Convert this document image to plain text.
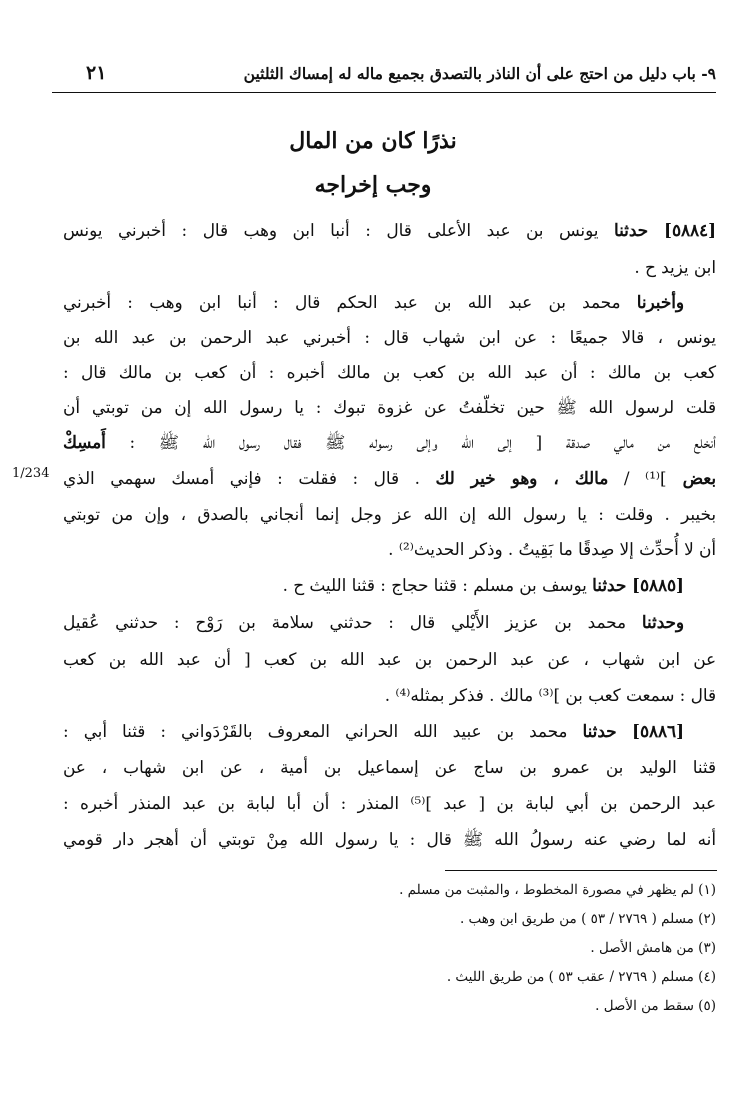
٩- باب دليل من احتج على أن الناذر بالتصدق بجميع ماله له إمساك الثلثين
٢١
نذرًا كان من المال
وجب إخراجه
1/234
[٥٨٨٤] حدثنا يونس بن عبد الأعلى قال : أنبا ابن وهب قال : أخبرني يونس
ابن يزيد ح .
وأخبرنا محمد بن عبد الله بن عبد الحكم قال : أنبا ابن وهب : أخبرني
يونس ، قالا جميعًا : عن ابن شهاب قال : أخبرني عبد الرحمن بن عبد الله بن
كعب بن مالك : أن عبد الله بن كعب بن مالك أخبره : أن كعب بن مالك قال :
قلت لرسول الله ﷺ حين تخلّفتُ عن غزوة تبوك : يا رسول الله إن من توبتي أن
أنخلع من مالي صدقة [ إلى الله وإلى رسوله ﷺ فقال رسول الله ﷺ : أَمسِكْ
بعض ]⁽¹⁾ / مالك ، وهو خير لك . قال : فقلت : فإني أمسك سهمي الذي
بخيبر . وقلت : يا رسول الله إن الله عز وجل إنما أنجاني بالصدق ، وإن من توبتي
أن لا أُحدِّث إلا صِدقًا ما بَقِيتُ . وذكر الحديث⁽²⁾ .
[٥٨٨٥] حدثنا يوسف بن مسلم : قثنا حجاج : قثنا الليث ح .
وحدثنا محمد بن عزيز الأَيْلي قال : حدثني سلامة بن رَوْح : حدثني عُقيل
عن ابن شهاب ، عن عبد الرحمن بن عبد الله بن كعب [ أن عبد الله بن كعب
قال : سمعت كعب بن ]⁽³⁾ مالك . فذكر بمثله⁽⁴⁾ .
[٥٨٨٦] حدثنا محمد بن عبيد الله الحراني المعروف بالقَرْدَواني : قثنا أبي :
قثنا الوليد بن عمرو بن ساج عن إسماعيل بن أمية ، عن ابن شهاب ، عن
عبد الرحمن بن أبي لبابة بن [ عبد ]⁽⁵⁾ المنذر : أن أبا لبابة بن عبد المنذر أخبره :
أنه لما رضي عنه رسولُ الله ﷺ قال : يا رسول الله مِنْ توبتي أن أهجر دار قومي
(١) لم يظهر في مصورة المخطوط ، والمثبت من مسلم .
(٢) مسلم ( ٢٧٦٩ / ٥٣ ) من طريق ابن وهب .
(٣) من هامش الأصل .
(٤) مسلم ( ٢٧٦٩ / عقب ٥٣ ) من طريق الليث .
(٥) سقط من الأصل .
